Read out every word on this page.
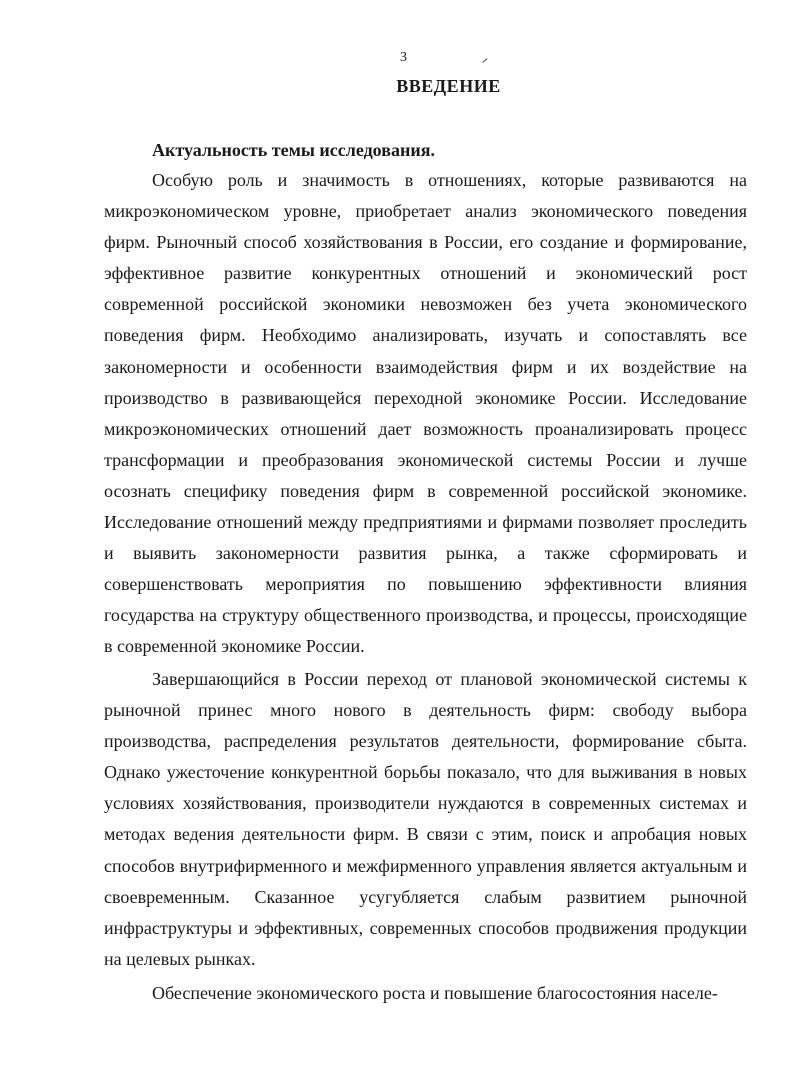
3
ВВЕДЕНИЕ
Актуальность темы исследования.

Особую роль и значимость в отношениях, которые развиваются на микроэкономическом уровне, приобретает анализ экономического поведения фирм. Рыночный способ хозяйствования в России, его создание и формирование, эффективное развитие конкурентных отношений и экономический рост современной российской экономики невозможен без учета экономического поведения фирм. Необходимо анализировать, изучать и сопоставлять все закономерности и особенности взаимодействия фирм и их воздействие на производство в развивающейся переходной экономике России. Исследование микроэкономических отношений дает возможность проанализировать процесс трансформации и преобразования экономической системы России и лучше осознать специфику поведения фирм в современной российской экономике. Исследование отношений между предприятиями и фирмами позволяет проследить и выявить закономерности развития рынка, а также сформировать и совершенствовать мероприятия по повышению эффективности влияния государства на структуру общественного производства, и процессы, происходящие в современной экономике России.

Завершающийся в России переход от плановой экономической системы к рыночной принес много нового в деятельность фирм: свободу выбора производства, распределения результатов деятельности, формирование сбыта. Однако ужесточение конкурентной борьбы показало, что для выживания в новых условиях хозяйствования, производители нуждаются в современных системах и методах ведения деятельности фирм. В связи с этим, поиск и апробация новых способов внутрифирменного и межфирменного управления является актуальным и своевременным. Сказанное усугубляется слабым развитием рыночной инфраструктуры и эффективных, современных способов продвижения продукции на целевых рынках.

Обеспечение экономического роста и повышение благосостояния населе-
